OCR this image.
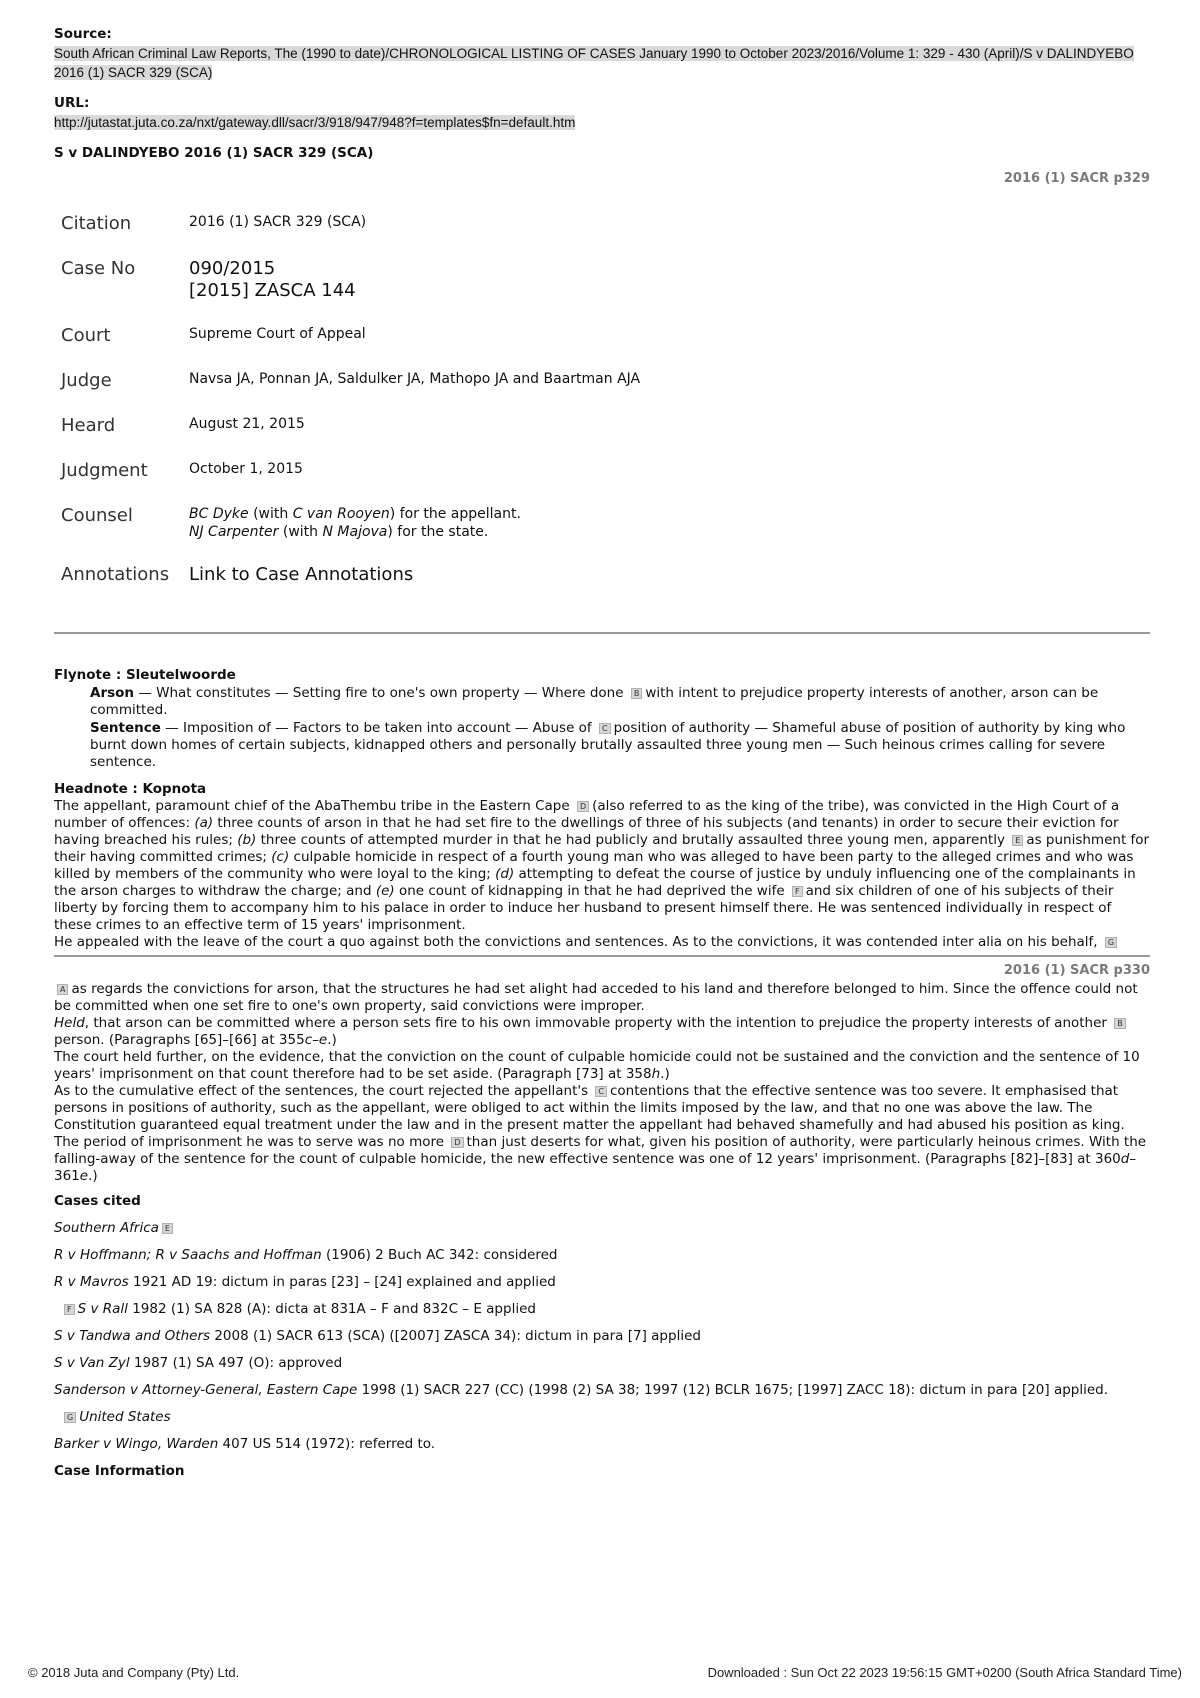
Source:
South African Criminal Law Reports, The (1990 to date)/CHRONOLOGICAL LISTING OF CASES January 1990 to October 2023/2016/Volume 1: 329 - 430 (April)/S v DALINDYEBO 2016 (1) SACR 329 (SCA)
URL:
http://jutastat.juta.co.za/nxt/gateway.dll/sacr/3/918/947/948?f=templates$fn=default.htm
S v DALINDYEBO 2016 (1) SACR 329 (SCA)
2016 (1) SACR p329
Citation	2016 (1) SACR 329 (SCA)
Case No	090/2015
[2015] ZASCA 144

Court	Supreme Court of Appeal
Judge	Navsa JA, Ponnan JA, Saldulker JA, Mathopo JA and Baartman AJA
Heard	August 21, 2015
Judgment	October 1, 2015
Counsel	BC Dyke (with C van Rooyen) for the appellant.
NJ Carpenter (with N Majova) for the state.

Annotations	Link to Case Annotations
Flynote : Sleutelwoorde
Arson — What constitutes — Setting fire to one's own property — Where done B with intent to prejudice property interests of another, arson can be committed.
Sentence — Imposition of — Factors to be taken into account — Abuse of C position of authority — Shameful abuse of position of authority by king who burnt down homes of certain subjects, kidnapped others and personally brutally assaulted three young men — Such heinous crimes calling for severe sentence.
Headnote : Kopnota

The appellant, paramount chief of the AbaThembu tribe in the Eastern Cape D (also referred to as the king of the tribe), was convicted in the High Court of a number of offences: (a) three counts of arson in that he had set fire to the dwellings of three of his subjects (and tenants) in order to secure their eviction for having breached his rules; (b) three counts of attempted murder in that he had publicly and brutally assaulted three young men, apparently E as punishment for their having committed crimes; (c) culpable homicide in respect of a fourth young man who was alleged to have been party to the alleged crimes and who was killed by members of the community who were loyal to the king; (d) attempting to defeat the course of justice by unduly influencing one of the complainants in the arson charges to withdraw the charge; and (e) one count of kidnapping in that he had deprived the wife F and six children of one of his subjects of their liberty by forcing them to accompany him to his palace in order to induce her husband to present himself there. He was sentenced individually in respect of these crimes to an effective term of 15 years' imprisonment.

He appealed with the leave of the court a quo against both the convictions and sentences. As to the convictions, it was contended inter alia on his behalf, G

2016 (1) SACR p330

A as regards the convictions for arson, that the structures he had set alight had acceded to his land and therefore belonged to him. Since the offence could not be committed when one set fire to one's own property, said convictions were improper.

Held, that arson can be committed where a person sets fire to his own immovable property with the intention to prejudice the property interests of another Bperson. (Paragraphs [65]–[66] at 355c–e.)

The court held further, on the evidence, that the conviction on the count of culpable homicide could not be sustained and the conviction and the sentence of 10 years' imprisonment on that count therefore had to be set aside. (Paragraph [73] at 358h.)

As to the cumulative effect of the sentences, the court rejected the appellant's C contentions that the effective sentence was too severe. It emphasised that persons in positions of authority, such as the appellant, were obliged to act within the limits imposed by the law, and that no one was above the law. The Constitution guaranteed equal treatment under the law and in the present matter the appellant had behaved shamefully and had abused his position as king. The period of imprisonment he was to serve was no more D than just deserts for what, given his position of authority, were particularly heinous crimes. With the falling-away of the sentence for the count of culpable homicide, the new effective sentence was one of 12 years' imprisonment. (Paragraphs [82]–[83] at 360d–361e.)

Cases cited
Southern Africa E
R v Hoffmann; R v Saachs and Hoffman (1906) 2 Buch AC 342: considered
R v Mavros 1921 AD 19: dictum in paras [23] – [24] explained and applied
F S v Rall 1982 (1) SA 828 (A): dicta at 831A – F and 832C – E applied
S v Tandwa and Others 2008 (1) SACR 613 (SCA) ([2007] ZASCA 34): dictum in para [7] applied
S v Van Zyl 1987 (1) SA 497 (O): approved
Sanderson v Attorney-General, Eastern Cape 1998 (1) SACR 227 (CC) (1998 (2) SA 38; 1997 (12) BCLR 1675; [1997] ZACC 18): dictum in para [20] applied.
G United States
Barker v Wingo, Warden 407 US 514 (1972): referred to.
Case Information
© 2018 Juta and Company (Pty) Ltd.	Downloaded : Sun Oct 22 2023 19:56:15 GMT+0200 (South Africa Standard Time)
